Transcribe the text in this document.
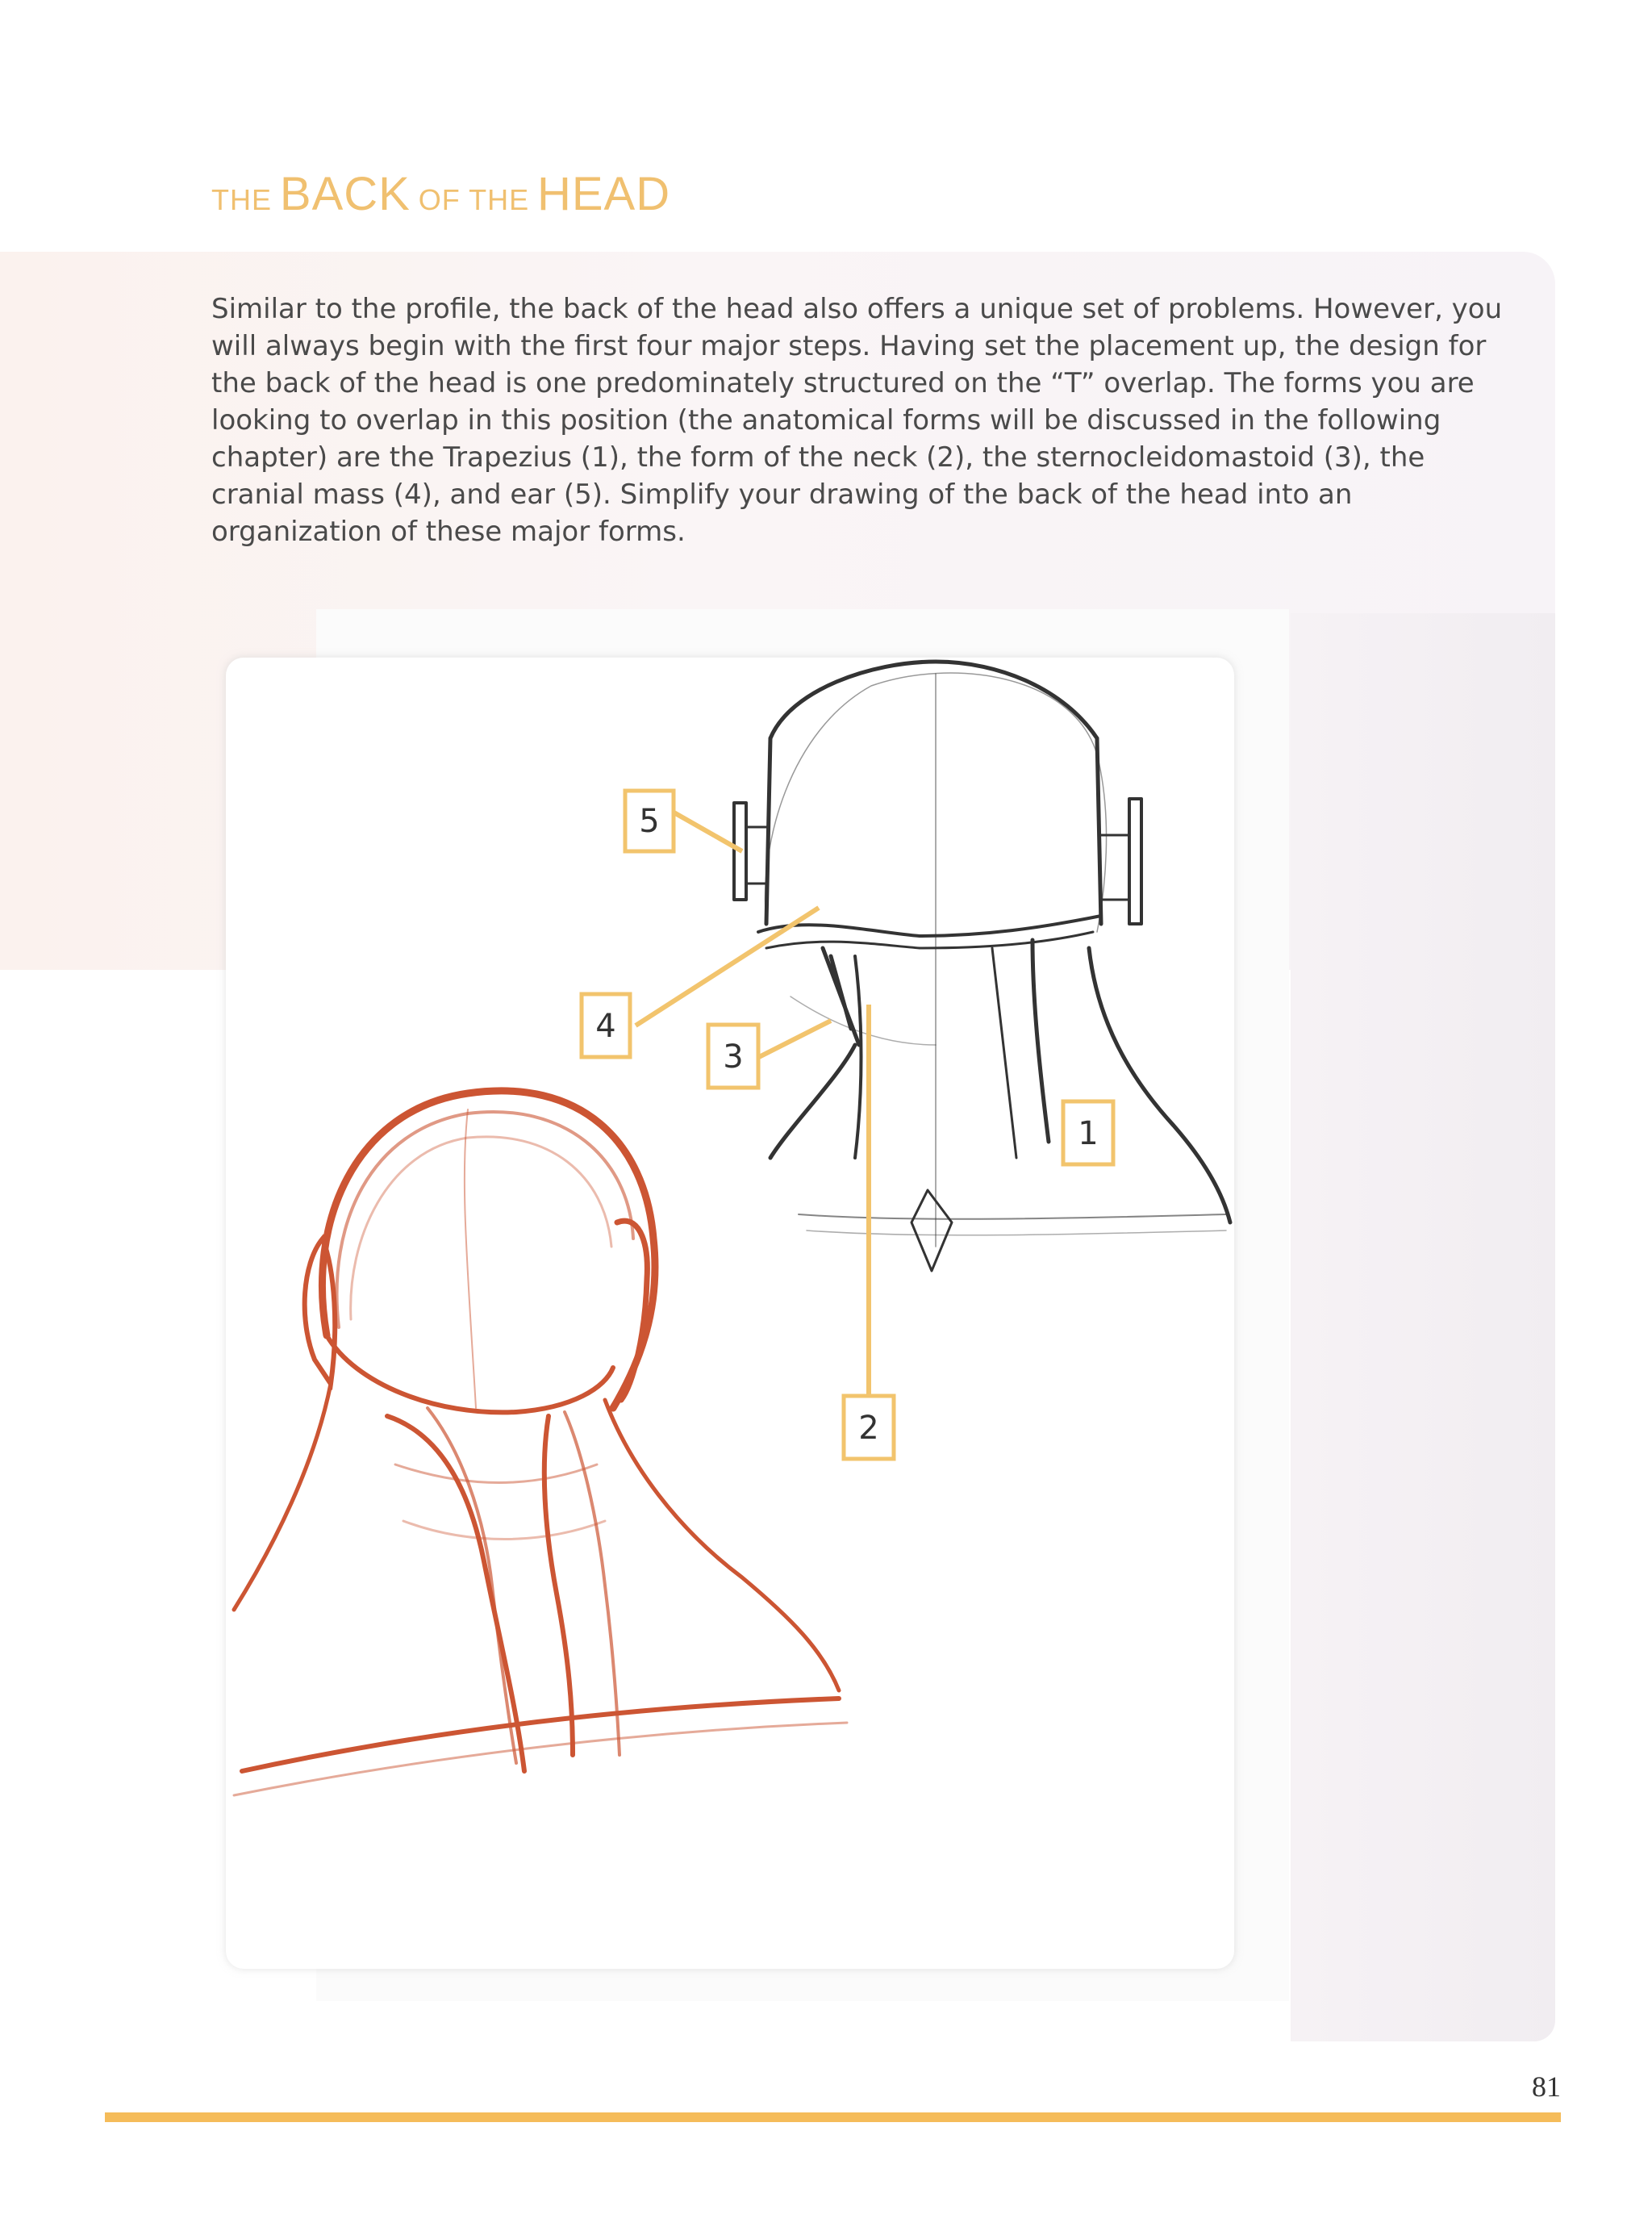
THE BACK OF THE HEAD

Similar to the profile, the back of the head also offers a unique set of problems. However, you will always begin with the first four major steps. Having set the placement up, the design for the back of the head is one predominately structured on the “T” overlap. The forms you are looking to overlap in this position (the anatomical forms will be discussed in the following chapter) are the Trapezius (1), the form of the neck (2), the sternocleidomastoid (3), the cranial mass (4), and ear (5). Simplify your drawing of the back of the head into an organization of these major forms.

5
4
3
1
2

81
